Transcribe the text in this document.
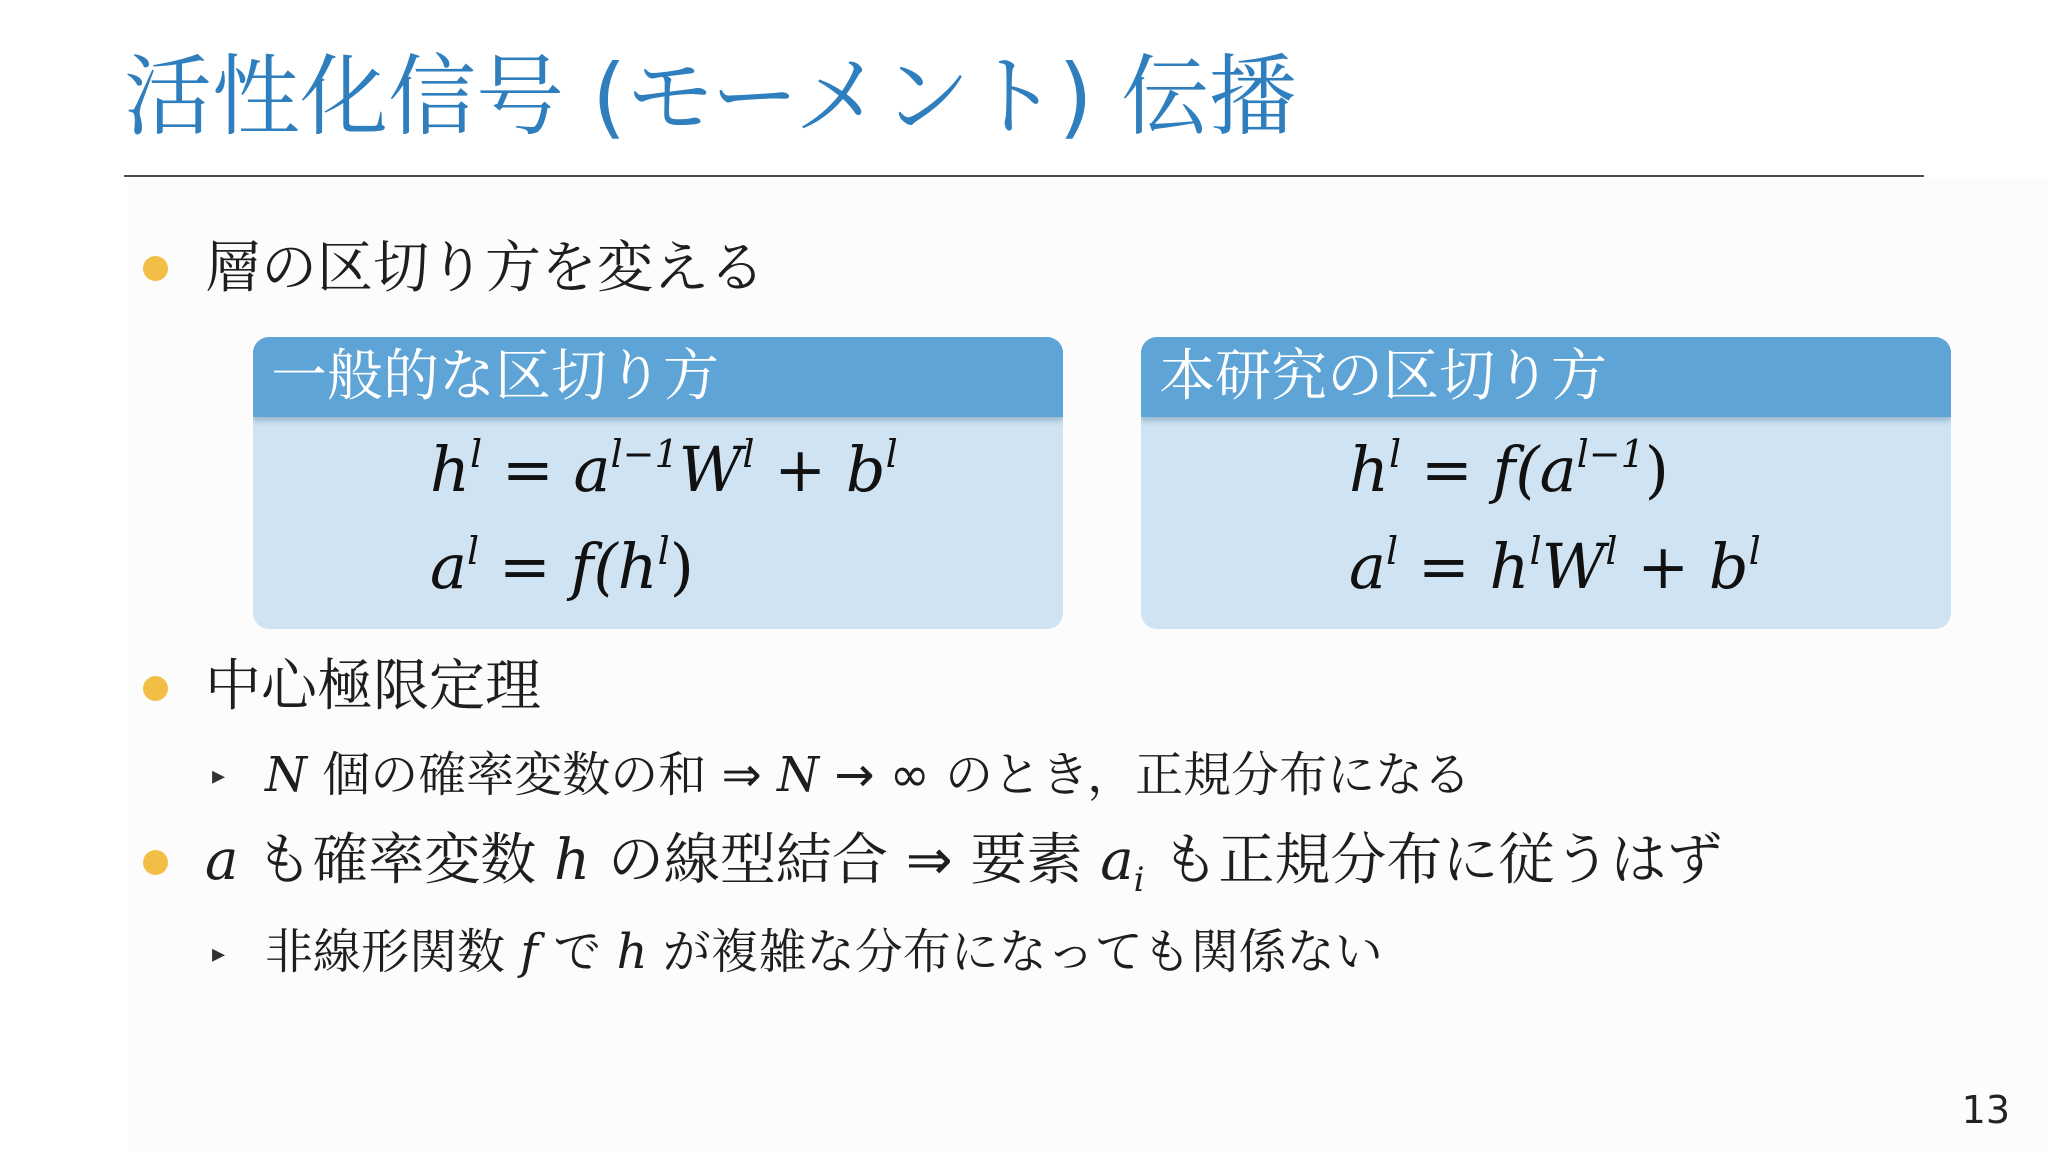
活性化信号 (モーメント) 伝播
層の区切り方を変える
一般的な区切り方
$h^l = a^{l-1}W^l + b^l$
$a^l = f(h^l)$
本研究の区切り方
$h^l = f(a^{l-1})$
$a^l = h^lW^l + b^l$
中心極限定理
▸ N 個の確率変数の和 ⇒ N → ∞ のとき，正規分布になる
a も確率変数 h の線型結合 ⇒ 要素 $a_i$ も正規分布に従うはず
▸ 非線形関数 f で h が複雑な分布になっても関係ない
13
